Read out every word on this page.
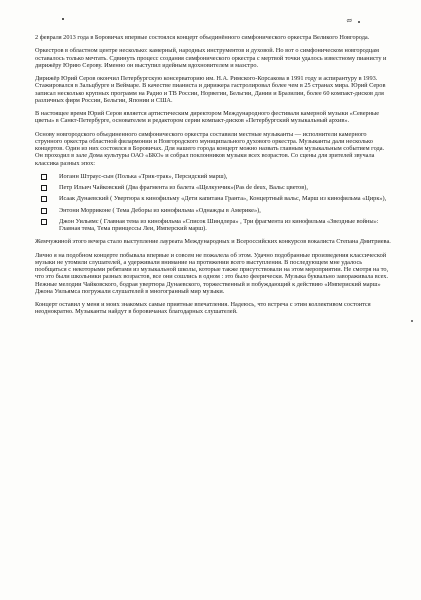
≈

2 февраля 2013 года в Боровичах впервые состоялся концерт объединённого симфонического оркестра Великого Новгорода.

Оркестров в областном центре несколько: камерный, народных инструментов и духовой. Но вот о симфоническом новгородцам оставалось только мечтать. Сдвинуть процесс создания симфонического оркестра с мертвой точки удалось известному пианисту и дирижёру Юрию Серову. Именно он выступил идейным вдохновителем и маэстро.

Дирижёр Юрий Серов окончил Петербургскую консерваторию им. Н.А. Римского-Корсакова в 1991 году и аспирантуру в 1993. Стажировался в Зальцбурге и Веймаре. В качестве пианиста и дирижера гастролировал более чем в 25 странах мира. Юрий Серов записал несколько крупных программ на Радио и ТВ России, Норвегии, Бельгии, Дании и Бразилии, более 60 компакт-дисков для различных фирм России, Бельгии, Японии и США.

В настоящее время Юрий Серов является артистическим директором Международного фестиваля камерной музыки «Северные цветы» в Санкт-Петербурге, основателем и редактором серии компакт-дисков «Петербургский музыкальный архив».

Основу новгородского объединенного симфонического оркестра составили местные музыканты — исполнители камерного струнного оркестра областной филармонии и Новгородского муниципального духового оркестра. Музыканты дали несколько концертов. Один из них состоялся в Боровичах. Для нашего города концерт можно назвать главным музыкальным событием года. Он проходил в зале Дома культуры ОАО «БКО» и собрал поклонников музыки всех возрастов. Со сцены для зрителей звучала классика разных эпох:

Иоганн Штраус-сын (Полька «Трик-трак», Персидский марш),
Петр Ильич Чайковский (Два фрагмента из балета «Щелкунчик»(Pas de deux, Вальс цветов),
Исаак Дунаевский ( Увертюра к кинофильму «Дети капитана Гранта», Концертный вальс, Марш из кинофильма «Цирк»),
Энтони Морриконе ( Тема Деборы из кинофильма «Однажды в Америке»),
Джон Уильямс ( Главная тема из кинофильма «Список Шиндлера» , Три фрагмента из кинофильма «Звездные войны»: Главная тема, Тема принцессы Леи, Имперский марш).

Жемчужиной этого вечера стало выступление лауреата Международных и Всероссийских конкурсов вокалиста Степана Дмитриева.

Лично я на подобном концерте побывала впервые и совсем не пожалела об этом. Удачно подобранные произведения классической музыки не утомили слушателей, а удерживали внимание на протяжении всего выступления. В последующем мне удалось пообщаться с некоторыми ребятами из музыкальной школы, которые также присутствовали на этом мероприятии. Не смотря на то, что это были школьники разных возрастов, все они сошлись в одном : это было феерически. Музыка буквально завораживала всех. Нежные мелодии Чайковского, бодрая увертюра Дунаевского, торжественный и побуждающий к действию «Империский марш» Джона Уильямса погружали слушателей в многогранный мир музыки.

Концерт оставил у меня и моих знакомых самые приятные впечатления. Надеюсь, что встреча с этим коллективом состоится неоднократно. Музыканты найдут в боровичанах благодарных слушателей.
